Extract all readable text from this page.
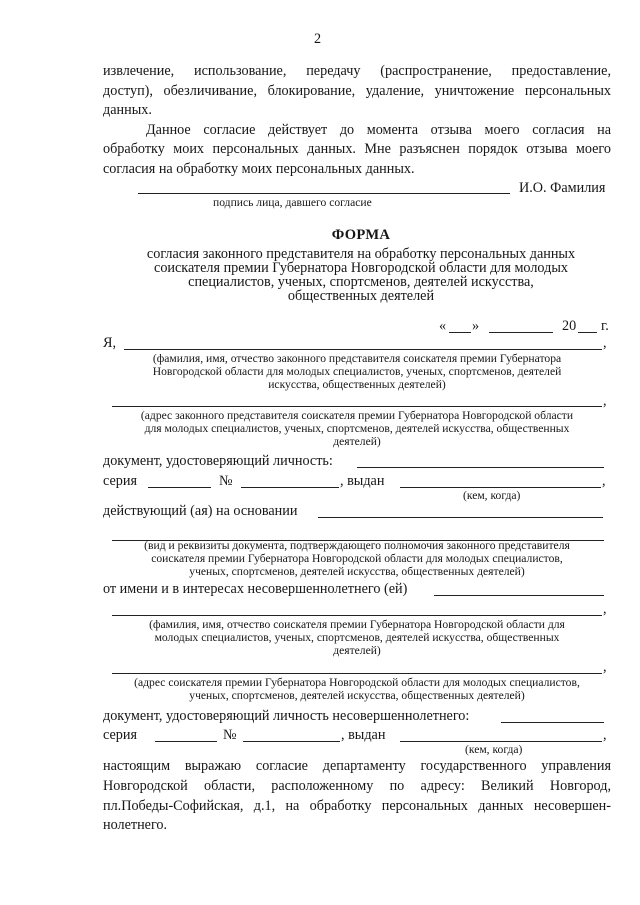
2
извлечение, использование, передачу (распространение, предоставление,
доступ), обезличивание, блокирование, удаление, уничтожение персональных
данных.
Данное согласие действует до момента отзыва моего согласия на
обработку моих персональных данных. Мне разъяснен порядок отзыва моего
согласия на обработку моих персональных данных.
И.О. Фамилия
подпись лица, давшего согласие
ФОРМА
согласия законного представителя на обработку персональных данных
соискателя премии Губернатора Новгородской области для молодых
специалистов, ученых, спортсменов, деятелей искусства,
общественных деятелей
« »	20 г.
Я,	,
(фамилия, имя, отчество законного представителя соискателя премии Губернатора
Новгородской области для молодых специалистов, ученых, спортсменов, деятелей
искусства, общественных деятелей)
,
(адрес законного представителя соискателя премии Губернатора Новгородской области
для молодых специалистов, ученых, спортсменов, деятелей искусства, общественных
деятелей)
документ, удостоверяющий личность:
серия	№	, выдан	,
(кем, когда)
действующий (ая) на основании
(вид и реквизиты документа, подтверждающего полномочия законного представителя
соискателя премии Губернатора Новгородской области для молодых специалистов,
ученых, спортсменов, деятелей искусства, общественных деятелей)
от имени и в интересах несовершеннолетнего (ей)
,
(фамилия, имя, отчество соискателя премии Губернатора Новгородской области для
молодых специалистов, ученых, спортсменов, деятелей искусства, общественных
деятелей)
,
(адрес соискателя премии Губернатора Новгородской области для молодых специалистов,
ученых, спортсменов, деятелей искусства, общественных деятелей)
документ, удостоверяющий личность несовершеннолетнего:
серия	№	, выдан	,
(кем, когда)
настоящим выражаю согласие департаменту государственного управления
Новгородской области, расположенному по адресу: Великий Новгород,
пл.Победы-Софийская, д.1, на обработку персональных данных несовершен-
нолетнего.
